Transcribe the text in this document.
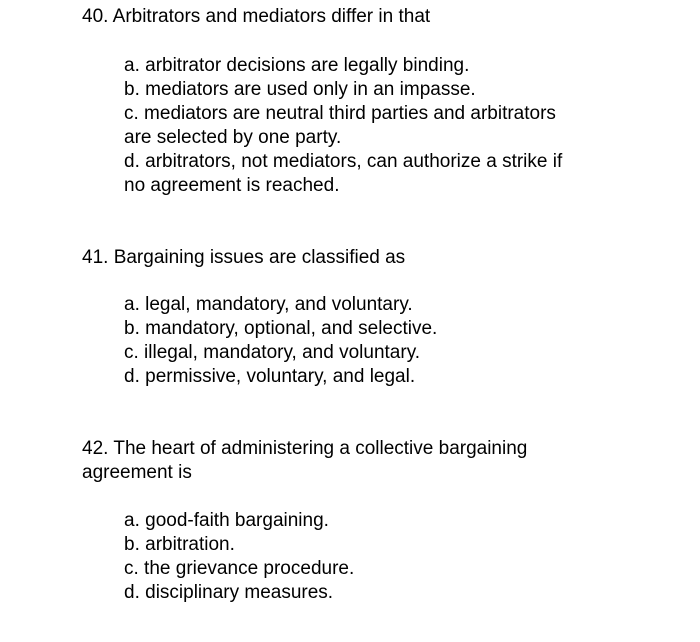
40. Arbitrators and mediators differ in that
a. arbitrator decisions are legally binding.
b. mediators are used only in an impasse.
c. mediators are neutral third parties and arbitrators
are selected by one party.
d. arbitrators, not mediators, can authorize a strike if
no agreement is reached.
41. Bargaining issues are classified as
a. legal, mandatory, and voluntary.
b. mandatory, optional, and selective.
c. illegal, mandatory, and voluntary.
d. permissive, voluntary, and legal.
42. The heart of administering a collective bargaining
agreement is
a. good-faith bargaining.
b. arbitration.
c. the grievance procedure.
d. disciplinary measures.
